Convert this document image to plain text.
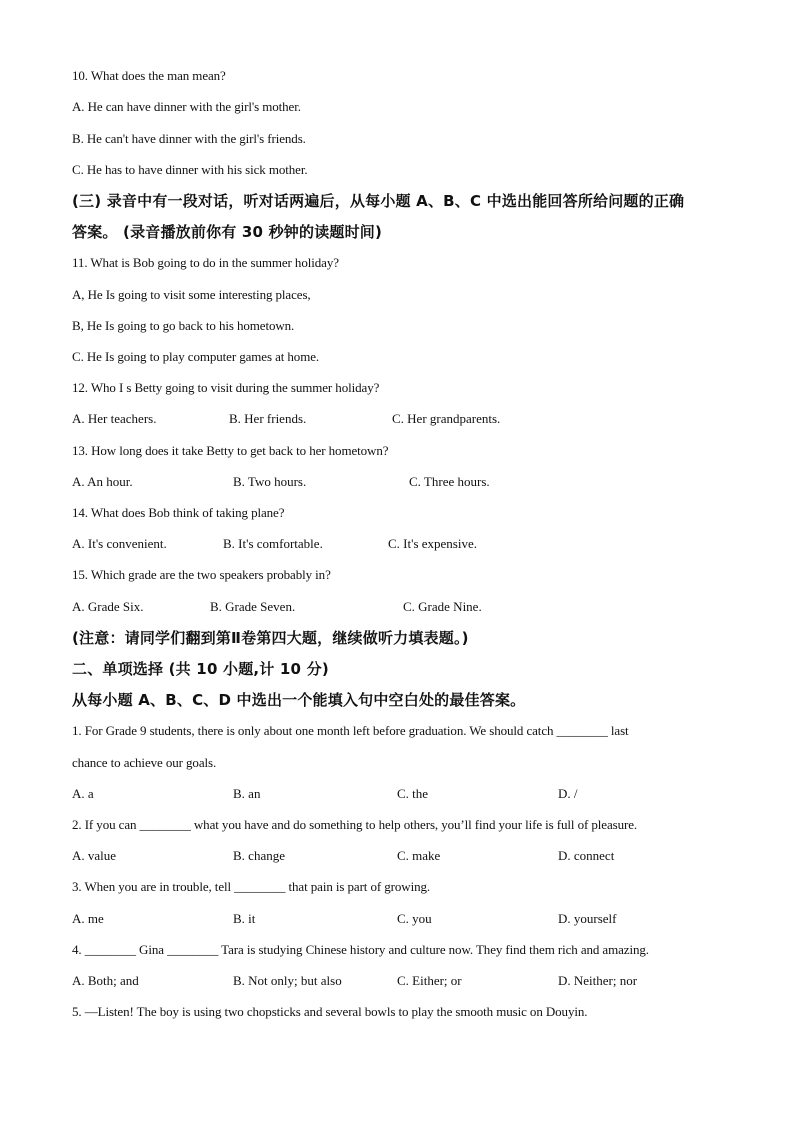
10. What does the man mean?
A. He can have dinner with the girl's mother.
B. He can't have dinner with the girl's friends.
C. He has to have dinner with his sick mother.
(三) 录音中有一段对话，听对话两遍后，从每小题 A、B、C 中选出能回答所给问题的正确
答案。 (录音播放前你有 30 秒钟的读题时间)
11. What is Bob going to do in the summer holiday?
A, He Is going to visit some interesting places,
B, He Is going to go back to his hometown.
C. He Is going to play computer games at home.
12. Who I s Betty going to visit during the summer holiday?
A. Her teachers.	B. Her friends.	C. Her grandparents.
13. How long does it take Betty to get back to her hometown?
A. An hour.	B. Two hours.	C. Three hours.
14. What does Bob think of taking plane?
A. It's convenient.	B. It's comfortable.	C. It's expensive.
15. Which grade are the two speakers probably in?
A. Grade Six.	B. Grade Seven.	C. Grade Nine.
(注意：请同学们翻到第Ⅱ卷第四大题，继续做听力填表题。)
二、单项选择 (共 10 小题,计 10 分)
从每小题 A、B、C、D 中选出一个能填入句中空白处的最佳答案。
1. For Grade 9 students, there is only about one month left before graduation. We should catch ________ last
chance to achieve our goals.
A. a	B. an	C. the	D. /
2. If you can ________ what you have and do something to help others, you’ll find your life is full of pleasure.
A. value	B. change	C. make	D. connect
3. When you are in trouble, tell ________ that pain is part of growing.
A. me	B. it	C. you	D. yourself
4. ________ Gina ________ Tara is studying Chinese history and culture now. They find them rich and amazing.
A. Both; and	B. Not only; but also	C. Either; or	D. Neither; nor
5. —Listen! The boy is using two chopsticks and several bowls to play the smooth music on Douyin.
